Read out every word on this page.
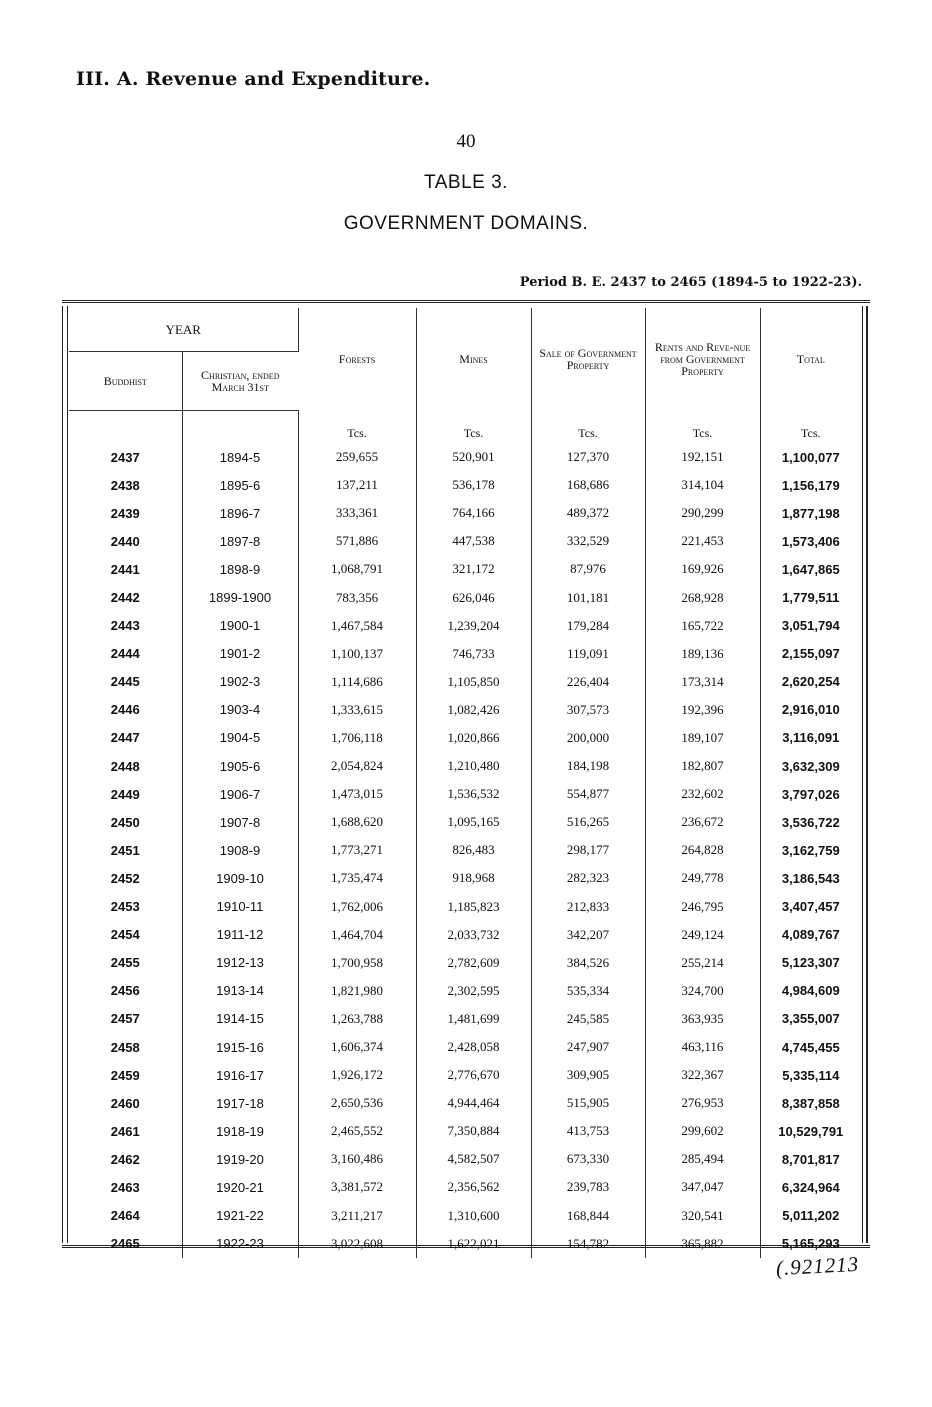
III. A. Revenue and Expenditure.
40
TABLE 3.
GOVERNMENT DOMAINS.
Period B. E. 2437 to 2465 (1894-5 to 1922-23).
YEAR		Forests	Mines	Sale of Government Property	Rents and Reve-nue from Government Property	Total
Buddhist	Christian, ended March 31st					
		Tcs.	Tcs.	Tcs.	Tcs.	Tcs.
2437	1894-5	259,655	520,901	127,370	192,151	1,100,077
2438	1895-6	137,211	536,178	168,686	314,104	1,156,179
2439	1896-7	333,361	764,166	489,372	290,299	1,877,198
2440	1897-8	571,886	447,538	332,529	221,453	1,573,406
2441	1898-9	1,068,791	321,172	87,976	169,926	1,647,865
2442	1899-1900	783,356	626,046	101,181	268,928	1,779,511
2443	1900-1	1,467,584	1,239,204	179,284	165,722	3,051,794
2444	1901-2	1,100,137	746,733	119,091	189,136	2,155,097
2445	1902-3	1,114,686	1,105,850	226,404	173,314	2,620,254
2446	1903-4	1,333,615	1,082,426	307,573	192,396	2,916,010
2447	1904-5	1,706,118	1,020,866	200,000	189,107	3,116,091
2448	1905-6	2,054,824	1,210,480	184,198	182,807	3,632,309
2449	1906-7	1,473,015	1,536,532	554,877	232,602	3,797,026
2450	1907-8	1,688,620	1,095,165	516,265	236,672	3,536,722
2451	1908-9	1,773,271	826,483	298,177	264,828	3,162,759
2452	1909-10	1,735,474	918,968	282,323	249,778	3,186,543
2453	1910-11	1,762,006	1,185,823	212,833	246,795	3,407,457
2454	1911-12	1,464,704	2,033,732	342,207	249,124	4,089,767
2455	1912-13	1,700,958	2,782,609	384,526	255,214	5,123,307
2456	1913-14	1,821,980	2,302,595	535,334	324,700	4,984,609
2457	1914-15	1,263,788	1,481,699	245,585	363,935	3,355,007
2458	1915-16	1,606,374	2,428,058	247,907	463,116	4,745,455
2459	1916-17	1,926,172	2,776,670	309,905	322,367	5,335,114
2460	1917-18	2,650,536	4,944,464	515,905	276,953	8,387,858
2461	1918-19	2,465,552	7,350,884	413,753	299,602	10,529,791
2462	1919-20	3,160,486	4,582,507	673,330	285,494	8,701,817
2463	1920-21	3,381,572	2,356,562	239,783	347,047	6,324,964
2464	1921-22	3,211,217	1,310,600	168,844	320,541	5,011,202
2465	1922-23	3,022,608	1,622,021	154,782	365,882	5,165,293
(.921213
